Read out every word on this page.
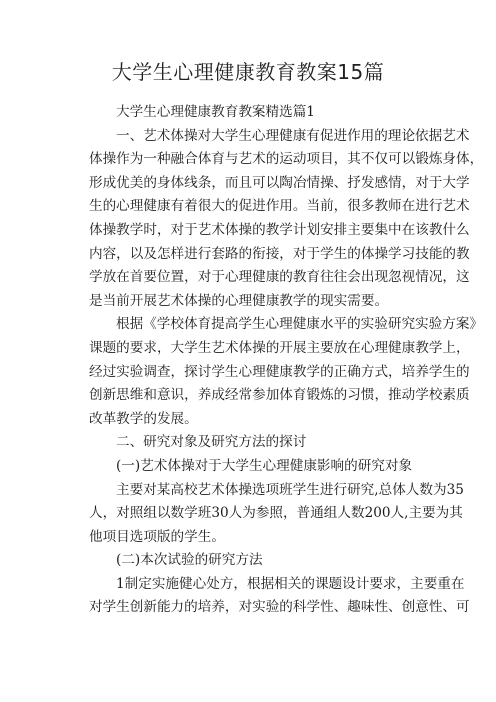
大学生心理健康教育教案15篇
大学生心理健康教育教案精选篇1
一、艺术体操对大学生心理健康有促进作用的理论依据艺术
体操作为一种融合体育与艺术的运动项目，其不仅可以锻炼身体，
形成优美的身体线条，而且可以陶冶情操、抒发感情，对于大学
生的心理健康有着很大的促进作用。当前，很多教师在进行艺术
体操教学时，对于艺术体操的教学计划安排主要集中在该教什么
内容，以及怎样进行套路的衔接，对于学生的体操学习技能的教
学放在首要位置，对于心理健康的教育往往会出现忽视情况，这
是当前开展艺术体操的心理健康教学的现实需要。
根据《学校体育提高学生心理健康水平的实验研究实验方案》
课题的要求，大学生艺术体操的开展主要放在心理健康教学上，
经过实验调查，探讨学生心理健康教学的正确方式，培养学生的
创新思维和意识，养成经常参加体育锻炼的习惯，推动学校素质
改革教学的发展。
二、研究对象及研究方法的探讨
(一)艺术体操对于大学生心理健康影响的研究对象
主要对某高校艺术体操选项班学生进行研究,总体人数为35
人，对照组以数学班30人为参照，普通组人数200人,主要为其
他项目选项版的学生。
(二)本次试验的研究方法
1制定实施健心处方，根据相关的课题设计要求，主要重在
对学生创新能力的培养，对实验的科学性、趣味性、创意性、可
